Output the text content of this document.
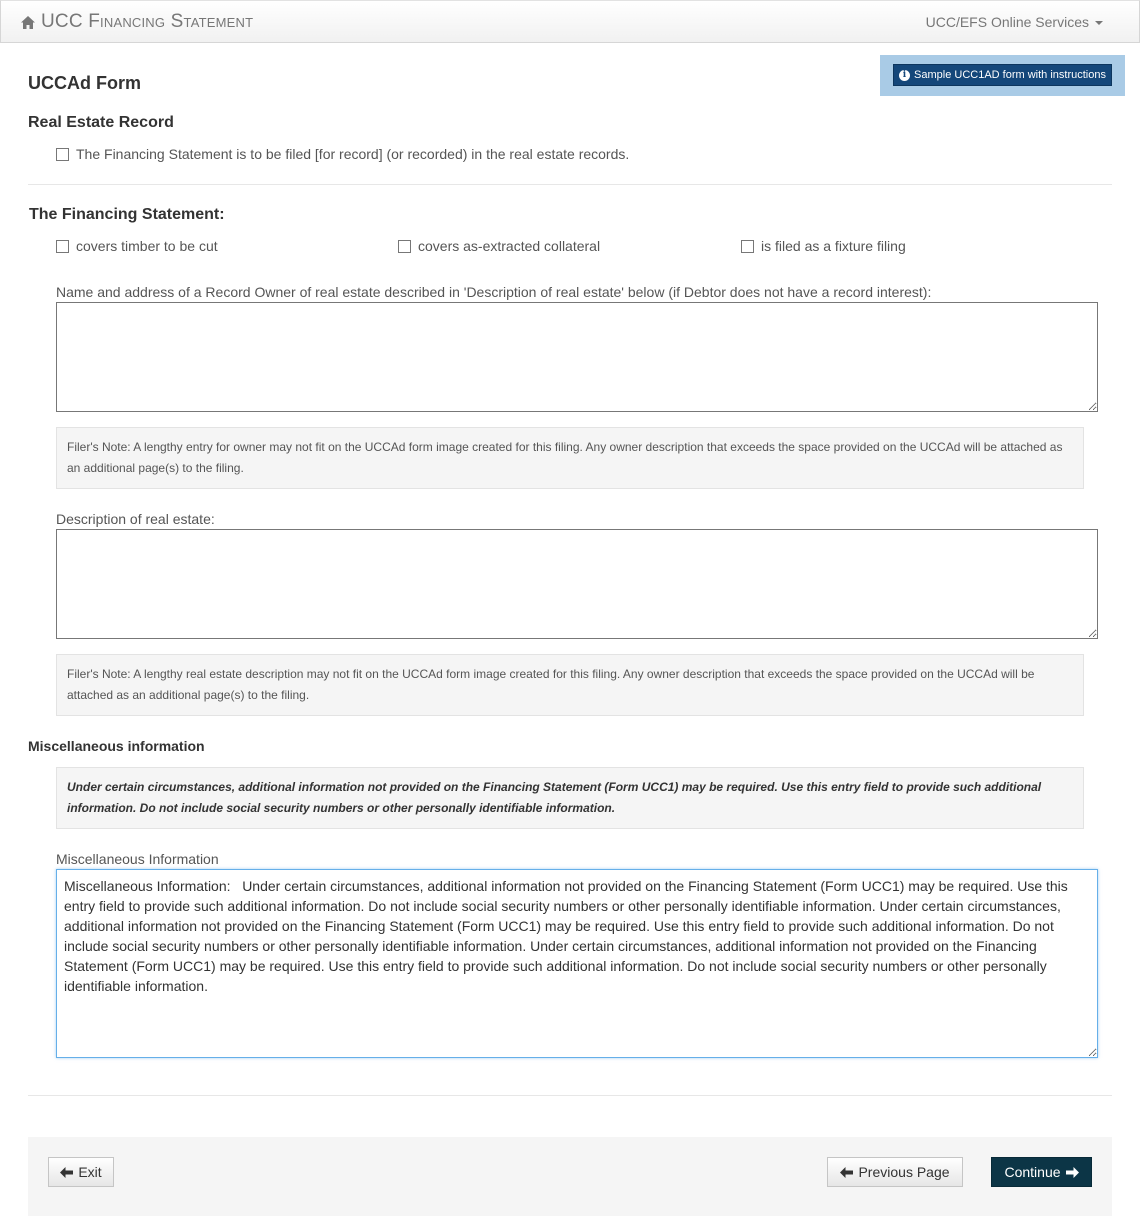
UCC Financing Statement	UCC/EFS Online Services
i Sample UCC1AD form with instructions
UCCAd Form
Real Estate Record
The Financing Statement is to be filed [for record] (or recorded) in the real estate records.
The Financing Statement:
covers timber to be cut	covers as-extracted collateral	is filed as a fixture filing
Name and address of a Record Owner of real estate described in 'Description of real estate' below (if Debtor does not have a record interest):
Filer's Note: A lengthy entry for owner may not fit on the UCCAd form image created for this filing. Any owner description that exceeds the space provided on the UCCAd will be attached as an additional page(s) to the filing.
Description of real estate:
Filer's Note: A lengthy real estate description may not fit on the UCCAd form image created for this filing. Any owner description that exceeds the space provided on the UCCAd will be attached as an additional page(s) to the filing.
Miscellaneous information
Under certain circumstances, additional information not provided on the Financing Statement (Form UCC1) may be required. Use this entry field to provide such additional information. Do not include social security numbers or other personally identifiable information.
Miscellaneous Information
Miscellaneous Information: Under certain circumstances, additional information not provided on the Financing Statement (Form UCC1) may be required. Use this entry field to provide such additional information. Do not include social security numbers or other personally identifiable information. Under certain circumstances, additional information not provided on the Financing Statement (Form UCC1) may be required. Use this entry field to provide such additional information. Do not include social security numbers or other personally identifiable information. Under certain circumstances, additional information not provided on the Financing Statement (Form UCC1) may be required. Use this entry field to provide such additional information. Do not include social security numbers or other personally identifiable information.
Exit	Previous Page	Continue
